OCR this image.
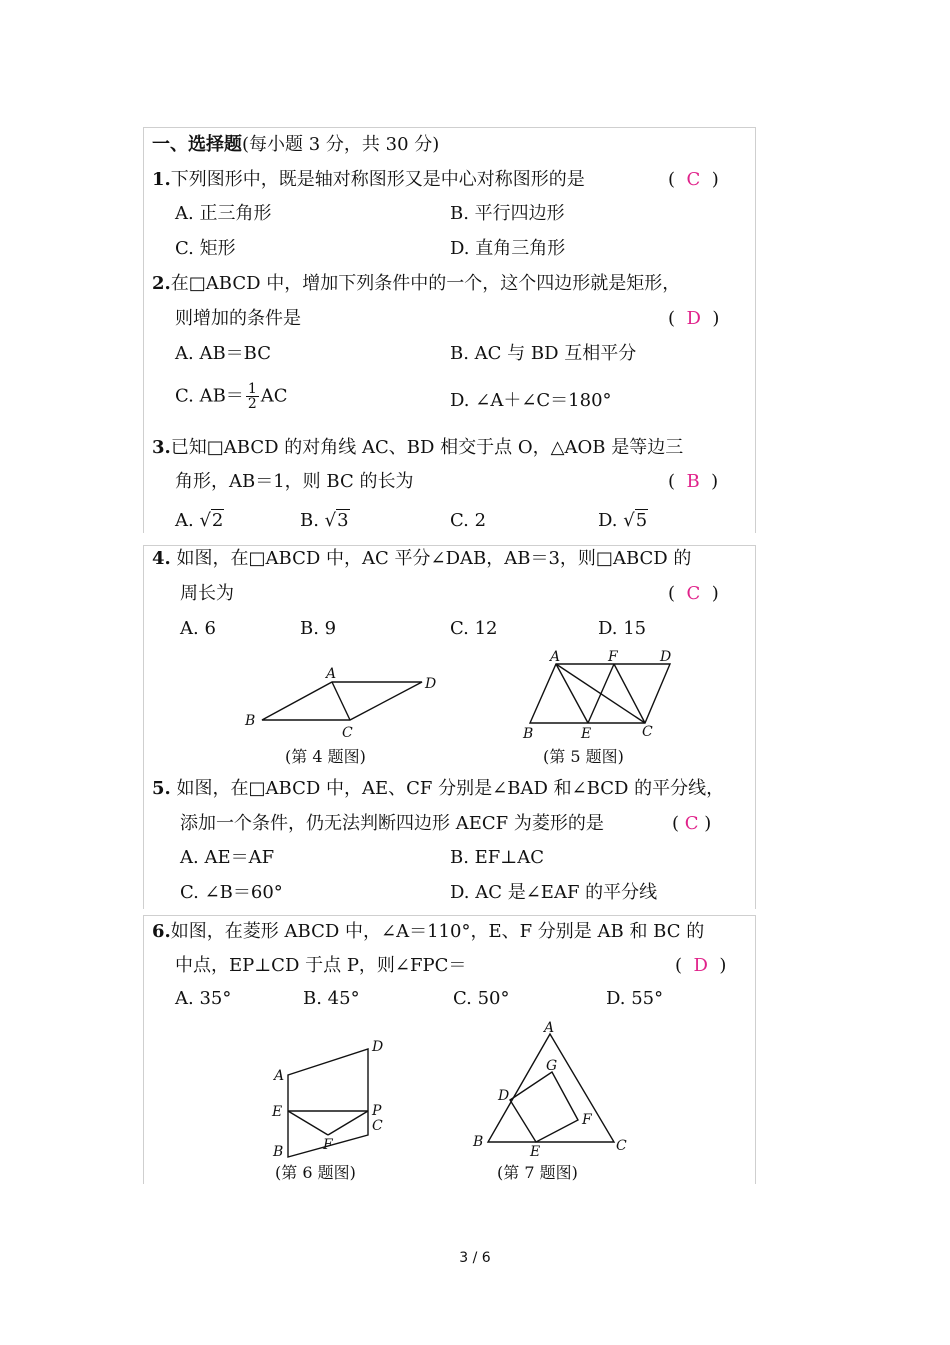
一、选择题(每小题 3 分，共 30 分)
1.下列图形中，既是轴对称图形又是中心对称图形的是	( C )
A. 正三角形	B. 平行四边形
C. 矩形	D. 直角三角形
2.在□ABCD 中，增加下列条件中的一个，这个四边形就是矩形，
则增加的条件是	( D )
A. AB＝BC	B. AC 与 BD 互相平分
C. $AB= \frac{1}{2}$ AC	D. ∠A＋∠C＝180°
3.已知□ABCD 的对角线 AC、BD 相交于点 O，△AOB 是等边三
角形，AB＝1，则 BC 的长为	( B )
A. √2	B. √3	C. 2	D. √5
4. 如图，在□ABCD 中，AC 平分∠DAB，AB＝3，则□ABCD 的
周长为	( C )
A. 6	B. 9	C. 12	D. 15
A
B
C
D
(第 4 题图)
A	F	D
B	E	C
(第 5 题图)
5. 如图，在□ABCD 中，AE、CF 分别是∠BAD 和∠BCD 的平分线，
添加一个条件，仍无法判断四边形 AECF 为菱形的是	( C )
A. AE＝AF	B. EF⊥AC
C. ∠B＝60°	D. AC 是∠EAF 的平分线
6.如图，在菱形 ABCD 中，∠A＝110°，E、F 分别是 AB 和 BC 的
中点，EP⊥CD 于点 P，则∠FPC＝	( D )
A. 35°	B. 45°	C. 50°	D. 55°
A
D
E	P
C
F
B
(第 6 题图)
A
G
D
F
B
E	C
(第 7 题图)
3 / 6
